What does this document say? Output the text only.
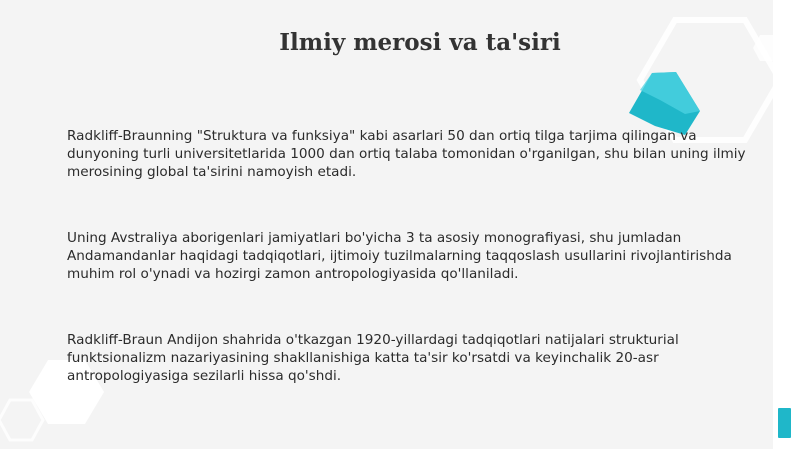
Ilmiy merosi va ta'siri
Radkliff-Braunning "Struktura va funksiya" kabi asarlari 50 dan ortiq tilga tarjima qilingan va dunyoning turli universitetlarida 1000 dan ortiq talaba tomonidan o'rganilgan, shu bilan uning ilmiy merosining global ta'sirini namoyish etadi.
Uning Avstraliya aborigenlari jamiyatlari bo'yicha 3 ta asosiy monografiyasi, shu jumladan Andamandanlar haqidagi tadqiqotlari, ijtimoiy tuzilmalarning taqqoslash usullarini rivojlantirishda muhim rol o'ynadi va hozirgi zamon antropologiyasida qo'llaniladi.
Radkliff-Braun Andijon shahrida o'tkazgan 1920-yillardagi tadqiqotlari natijalari strukturial funktsionalizm nazariyasining shakllanishiga katta ta'sir ko'rsatdi va keyinchalik 20-asr antropologiyasiga sezilarli hissa qo'shdi.
